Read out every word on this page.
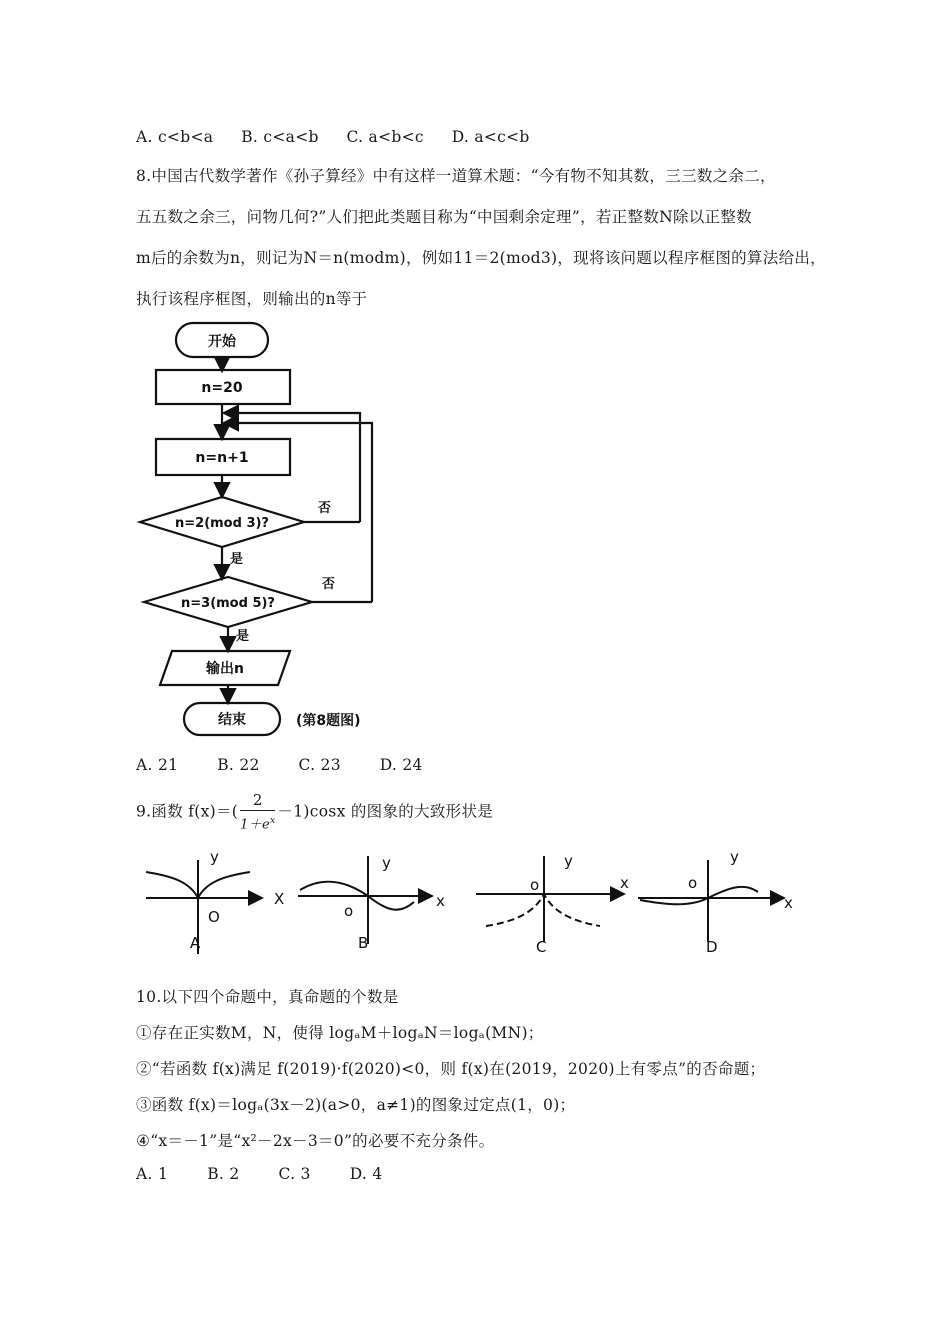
A. c<b<a B. c<a<b C. a<b<c D. a<c<b
8.中国古代数学著作《孙子算经》中有这样一道算术题：“今有物不知其数，三三数之余二，
五五数之余三，问物几何?”人们把此类题目称为“中国剩余定理”，若正整数N除以正整数
m后的余数为n，则记为N＝n(modm)，例如11＝2(mod3)，现将该问题以程序框图的算法给出，
执行该程序框图，则输出的n等于
开始
n=20
n=n+1
n=2(mod 3)?
n=3(mod 5)?
输出n
结束
否
是
否
是
(第8题图)
A. 21	B. 22	C. 23	D. 24
9.函数 $f(x)=( \frac{2}{1+e^x} -1)\cos x$ 的图象的大致形状是
y
X
O
A
y
x
o
B
y
x
o
C
y
x
o
D
10.以下四个命题中，真命题的个数是
①存在正实数M，N，使得 logₐM＋logₐN＝logₐ(MN)；
②“若函数 f(x)满足 f(2019)·f(2020)<0，则 f(x)在(2019，2020)上有零点”的否命题；
③函数 f(x)＝logₐ(3x－2)(a>0，a≠1)的图象过定点(1，0)；
④“x＝－1”是“x²－2x－3＝0”的必要不充分条件。
A. 1	B. 2	C. 3	D. 4
